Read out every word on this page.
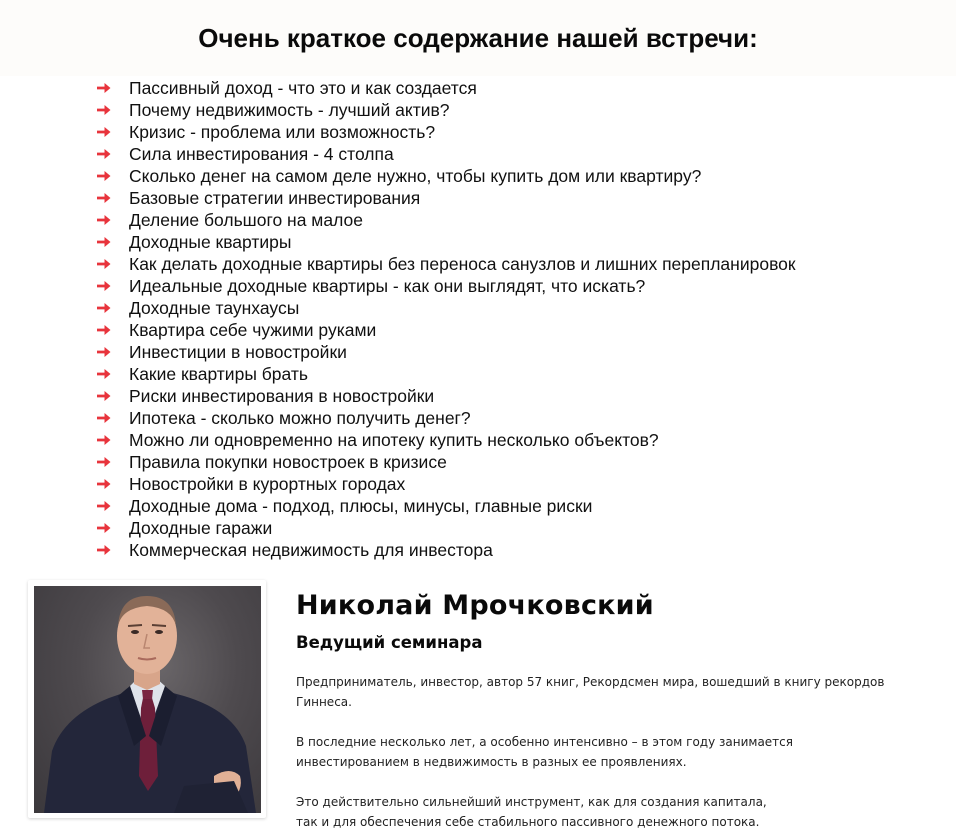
Очень краткое содержание нашей встречи:
Пассивный доход - что это и как создается
Почему недвижимость - лучший актив?
Кризис - проблема или возможность?
Сила инвестирования - 4 столпа
Сколько денег на самом деле нужно, чтобы купить дом или квартиру?
Базовые стратегии инвестирования
Деление большого на малое
Доходные квартиры
Как делать доходные квартиры без переноса санузлов и лишних перепланировок
Идеальные доходные квартиры - как они выглядят, что искать?
Доходные таунхаусы
Квартира себе чужими руками
Инвестиции в новостройки
Какие квартиры брать
Риски инвестирования в новостройки
Ипотека - сколько можно получить денег?
Можно ли одновременно на ипотеку купить несколько объектов?
Правила покупки новостроек в кризисе
Новостройки в курортных городах
Доходные дома - подход, плюсы, минусы, главные риски
Доходные гаражи
Коммерческая недвижимость для инвестора
Николай Мрочковский
Ведущий семинара

Предприниматель, инвестор, автор 57 книг, Рекордсмен мира, вошедший в книгу рекордов
Гиннеса.

В последние несколько лет, а особенно интенсивно – в этом году занимается
инвестированием в недвижимость в разных ее проявлениях.

Это действительно сильнейший инструмент, как для создания капитала,
так и для обеспечения себе стабильного пассивного денежного потока.
